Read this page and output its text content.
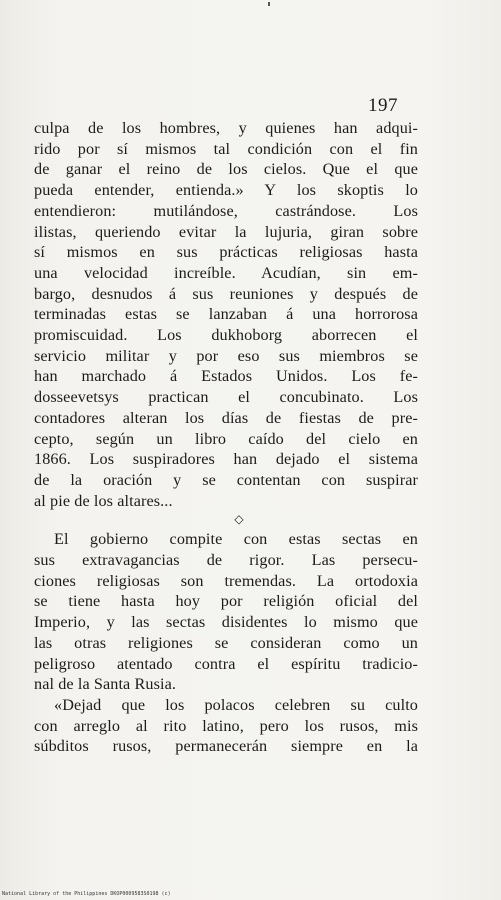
197
culpa de los hombres, y quienes han adqui-
rido por sí mismos tal condición con el fin
de ganar el reino de los cielos. Que el que
pueda entender, entienda.» Y los skoptis lo
entendieron: mutilándose, castrándose. Los
ilistas, queriendo evitar la lujuria, giran sobre
sí mismos en sus prácticas religiosas hasta
una velocidad increíble. Acudían, sin em-
bargo, desnudos á sus reuniones y después de
terminadas estas se lanzaban á una horrorosa
promiscuidad. Los dukhoborg aborrecen el
servicio militar y por eso sus miembros se
han marchado á Estados Unidos. Los fe-
dosseevetsys practican el concubinato. Los
contadores alteran los días de fiestas de pre-
cepto, según un libro caído del cielo en
1866. Los suspiradores han dejado el sistema
de la oración y se contentan con suspirar
al pie de los altares...
◇
El gobierno compite con estas sectas en
sus extravagancias de rigor. Las persecu-
ciones religiosas son tremendas. La ortodoxia
se tiene hasta hoy por religión oficial del
Imperio, y las sectas disidentes lo mismo que
las otras religiones se consideran como un
peligroso atentado contra el espíritu tradicio-
nal de la Santa Rusia.
«Dejad que los polacos celebren su culto
con arreglo al rito latino, pero los rusos, mis
súbditos rusos, permanecerán siempre en la
National Library of the Philippines DKOP0009583S0198 (c)
